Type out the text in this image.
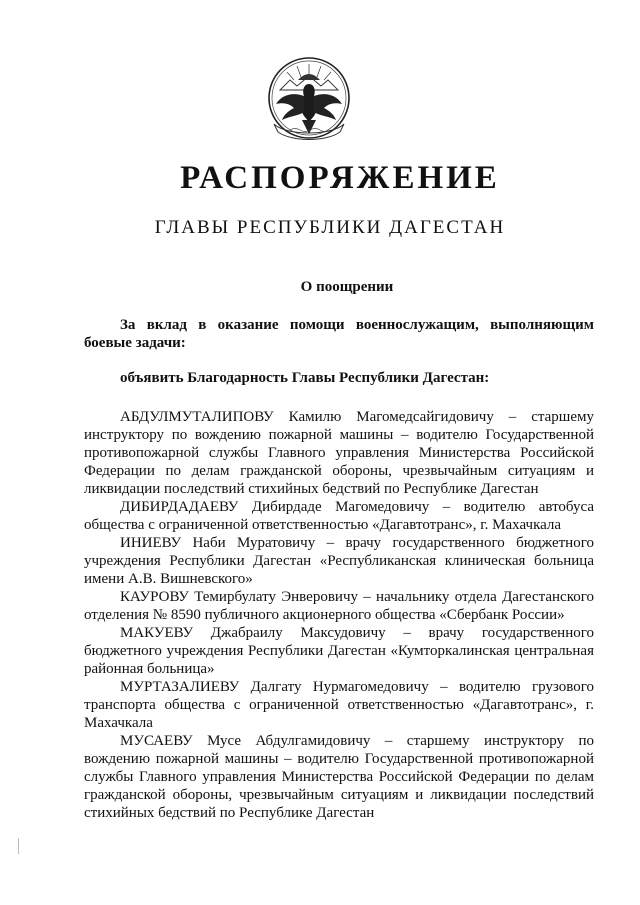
РАСПОРЯЖЕНИЕ
ГЛАВЫ РЕСПУБЛИКИ ДАГЕСТАН
О поощрении

За вклад в оказание помощи военнослужащим, выполняющим боевые задачи:

объявить Благодарность Главы Республики Дагестан:

АБДУЛМУТАЛИПОВУ Камилю Магомедсайгидовичу – старшему инструктору по вождению пожарной машины – водителю Государственной противопожарной службы Главного управления Министерства Российской Федерации по делам гражданской обороны, чрезвычайным ситуациям и ликвидации последствий стихийных бедствий по Республике Дагестан

ДИБИРДАДАЕВУ Дибирдаде Магомедовичу – водителю автобуса общества с ограниченной ответственностью «Дагавтотранс», г. Махачкала

ИНИЕВУ Наби Муратовичу – врачу государственного бюджетного учреждения Республики Дагестан «Республиканская клиническая больница имени А.В. Вишневского»

КАУРОВУ Темирбулату Энверовичу – начальнику отдела Дагестанского отделения № 8590 публичного акционерного общества «Сбербанк России»

МАКУЕВУ Джабраилу Максудовичу – врачу государственного бюджетного учреждения Республики Дагестан «Кумторкалинская центральная районная больница»

МУРТАЗАЛИЕВУ Далгату Нурмагомедовичу – водителю грузового транспорта общества с ограниченной ответственностью «Дагавтотранс», г. Махачкала

МУСАЕВУ Мусе Абдулгамидовичу – старшему инструктору по вождению пожарной машины – водителю Государственной противопожарной службы Главного управления Министерства Российской Федерации по делам гражданской обороны, чрезвычайным ситуациям и ликвидации последствий стихийных бедствий по Республике Дагестан
